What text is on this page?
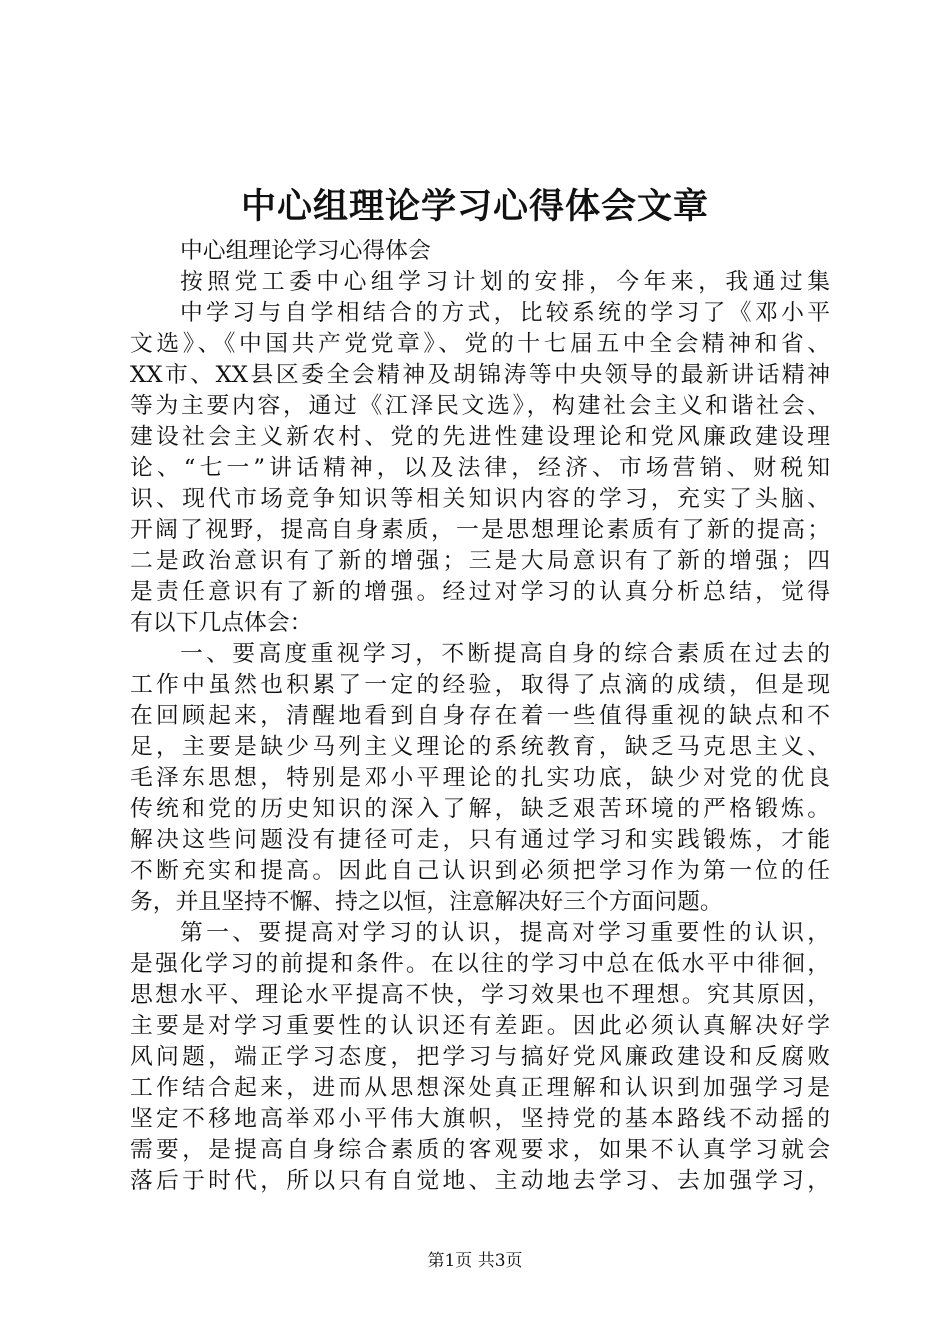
中心组理论学习心得体会文章
中心组理论学习心得体会
按照党工委中心组学习计划的安排，今年来，我通过集
中学习与自学相结合的方式，比较系统的学习了《邓小平
文选》、《中国共产党党章》、党的十七届五中全会精神和省、
XX市、XX县区委全会精神及胡锦涛等中央领导的最新讲话精神
等为主要内容，通过《江泽民文选》，构建社会主义和谐社会、
建设社会主义新农村、党的先进性建设理论和党风廉政建设理
论、“七一”讲话精神，以及法律，经济、市场营销、财税知
识、现代市场竞争知识等相关知识内容的学习，充实了头脑、
开阔了视野，提高自身素质，一是思想理论素质有了新的提高；
二是政治意识有了新的增强；三是大局意识有了新的增强；四
是责任意识有了新的增强。经过对学习的认真分析总结，觉得
有以下几点体会：
一、要高度重视学习，不断提高自身的综合素质在过去的
工作中虽然也积累了一定的经验，取得了点滴的成绩，但是现
在回顾起来，清醒地看到自身存在着一些值得重视的缺点和不
足，主要是缺少马列主义理论的系统教育，缺乏马克思主义、
毛泽东思想，特别是邓小平理论的扎实功底，缺少对党的优良
传统和党的历史知识的深入了解，缺乏艰苦环境的严格锻炼。
解决这些问题没有捷径可走，只有通过学习和实践锻炼，才能
不断充实和提高。因此自己认识到必须把学习作为第一位的任
务，并且坚持不懈、持之以恒，注意解决好三个方面问题。
第一、要提高对学习的认识，提高对学习重要性的认识，
是强化学习的前提和条件。在以往的学习中总在低水平中徘徊，
思想水平、理论水平提高不快，学习效果也不理想。究其原因，
主要是对学习重要性的认识还有差距。因此必须认真解决好学
风问题，端正学习态度，把学习与搞好党风廉政建设和反腐败
工作结合起来，进而从思想深处真正理解和认识到加强学习是
坚定不移地高举邓小平伟大旗帜，坚持党的基本路线不动摇的
需要，是提高自身综合素质的客观要求，如果不认真学习就会
落后于时代，所以只有自觉地、主动地去学习、去加强学习，
第1页 共3页
